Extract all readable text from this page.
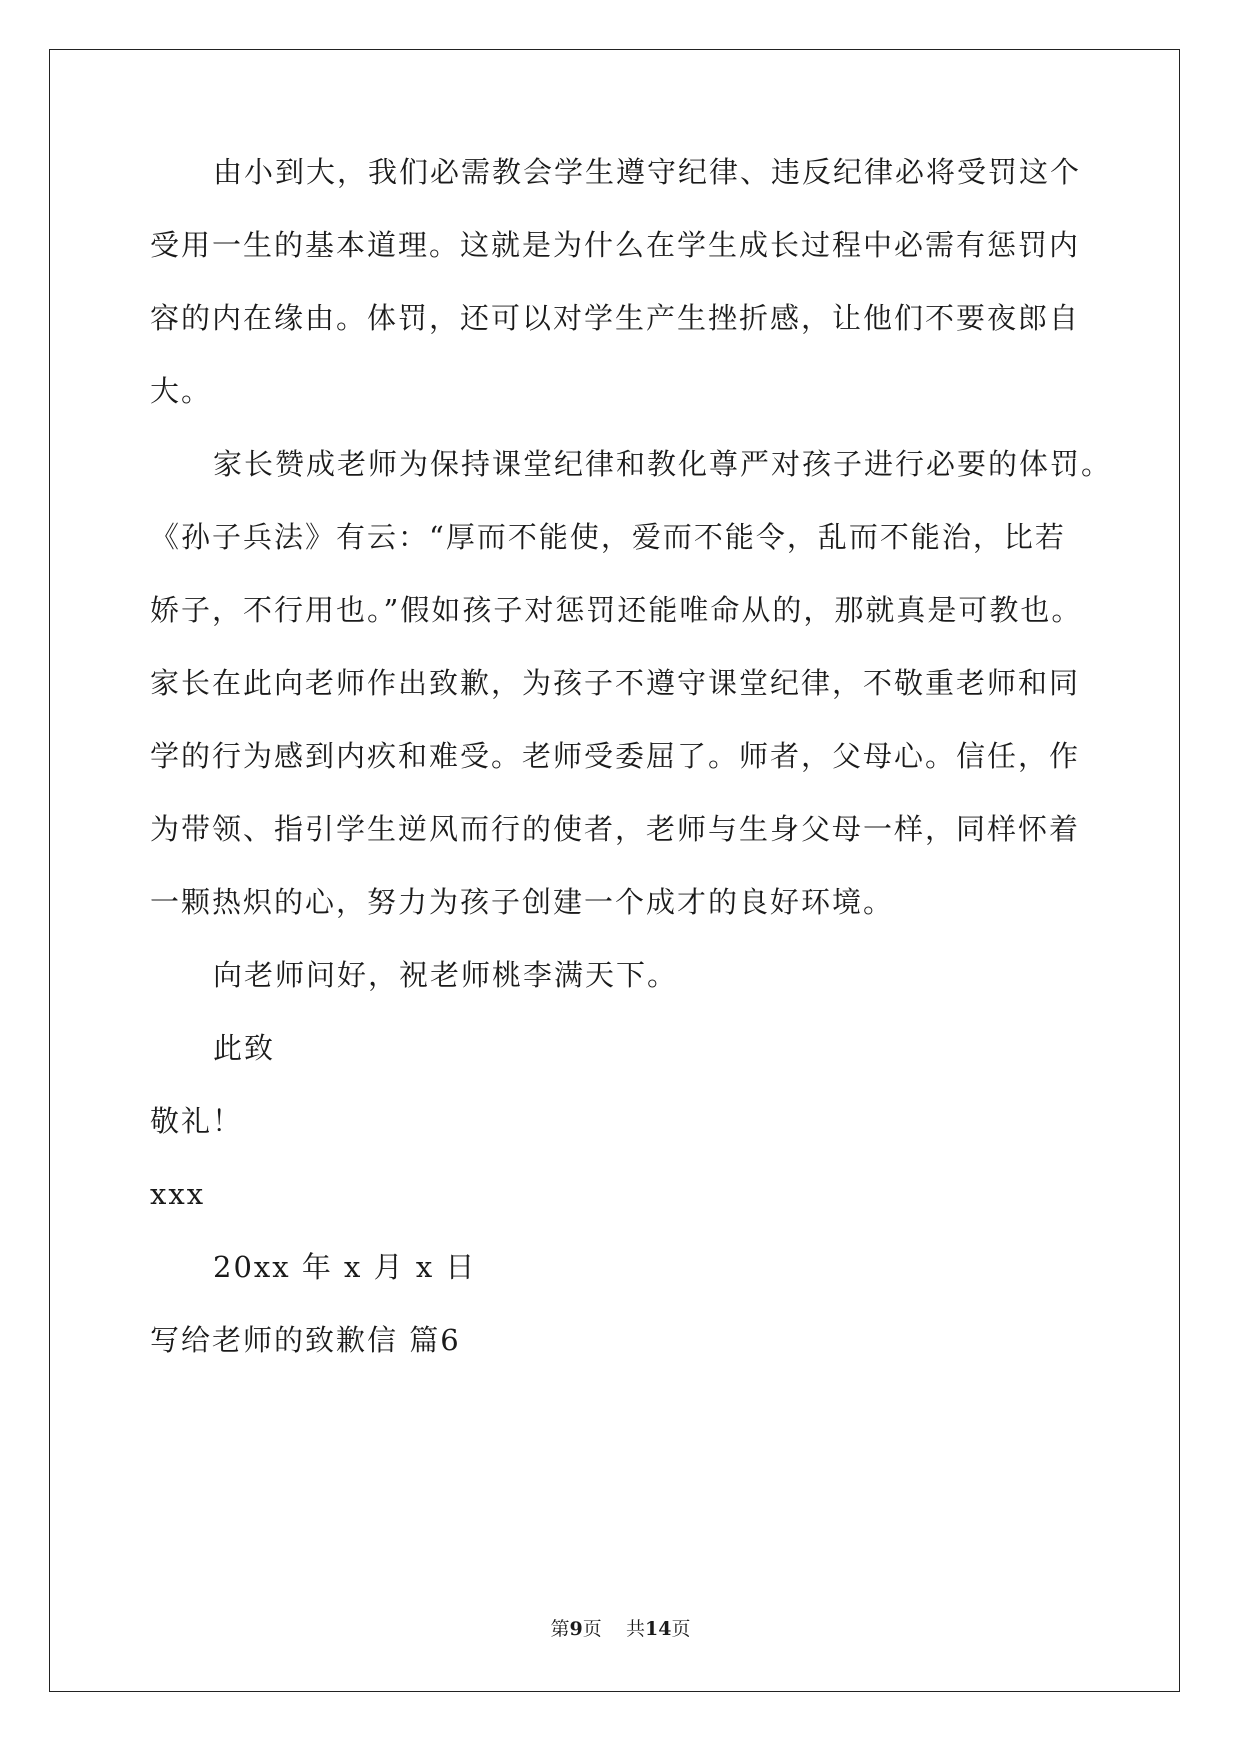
由小到大，我们必需教会学生遵守纪律、违反纪律必将受罚这个
受用一生的基本道理。这就是为什么在学生成长过程中必需有惩罚内
容的内在缘由。体罚，还可以对学生产生挫折感，让他们不要夜郎自
大。
家长赞成老师为保持课堂纪律和教化尊严对孩子进行必要的体罚。
《孙子兵法》有云：“厚而不能使，爱而不能令，乱而不能治，比若
娇子，不行用也。”假如孩子对惩罚还能唯命从的，那就真是可教也。
家长在此向老师作出致歉，为孩子不遵守课堂纪律，不敬重老师和同
学的行为感到内疚和难受。老师受委屈了。师者，父母心。信任，作
为带领、指引学生逆风而行的使者，老师与生身父母一样，同样怀着
一颗热炽的心，努力为孩子创建一个成才的良好环境。
向老师问好，祝老师桃李满天下。
此致
敬礼！
xxx
20xx 年 x 月 x 日
写给老师的致歉信 篇6
第9页 共14页
